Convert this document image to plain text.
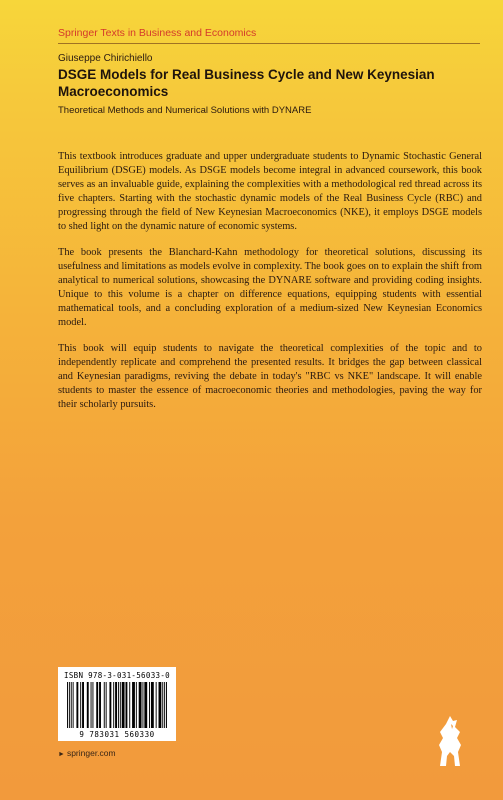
Springer Texts in Business and Economics
Giuseppe Chirichiello
DSGE Models for Real Business Cycle and New Keynesian Macroeconomics
Theoretical Methods and Numerical Solutions with DYNARE

This textbook introduces graduate and upper undergraduate students to Dynamic Stochastic General Equilibrium (DSGE) models. As DSGE models become integral in advanced coursework, this book serves as an invaluable guide, explaining the complexities with a methodological red thread across its five chapters. Starting with the stochastic dynamic models of the Real Business Cycle (RBC) and progressing through the field of New Keynesian Macroeconomics (NKE), it employs DSGE models to shed light on the dynamic nature of economic systems.

The book presents the Blanchard-Kahn methodology for theoretical solutions, discussing its usefulness and limitations as models evolve in complexity. The book goes on to explain the shift from analytical to numerical solutions, showcasing the DYNARE software and providing coding insights. Unique to this volume is a chapter on difference equations, equipping students with essential mathematical tools, and a concluding exploration of a medium-sized New Keynesian Economics model.

This book will equip students to navigate the theoretical complexities of the topic and to independently replicate and comprehend the presented results. It bridges the gap between classical and Keynesian paradigms, reviving the debate in today's "RBC vs NKE" landscape. It will enable students to master the essence of macroeconomic theories and methodologies, paving the way for their scholarly pursuits.

ISBN 978-3-031-56033-0
9 783031 560330
► springer.com
